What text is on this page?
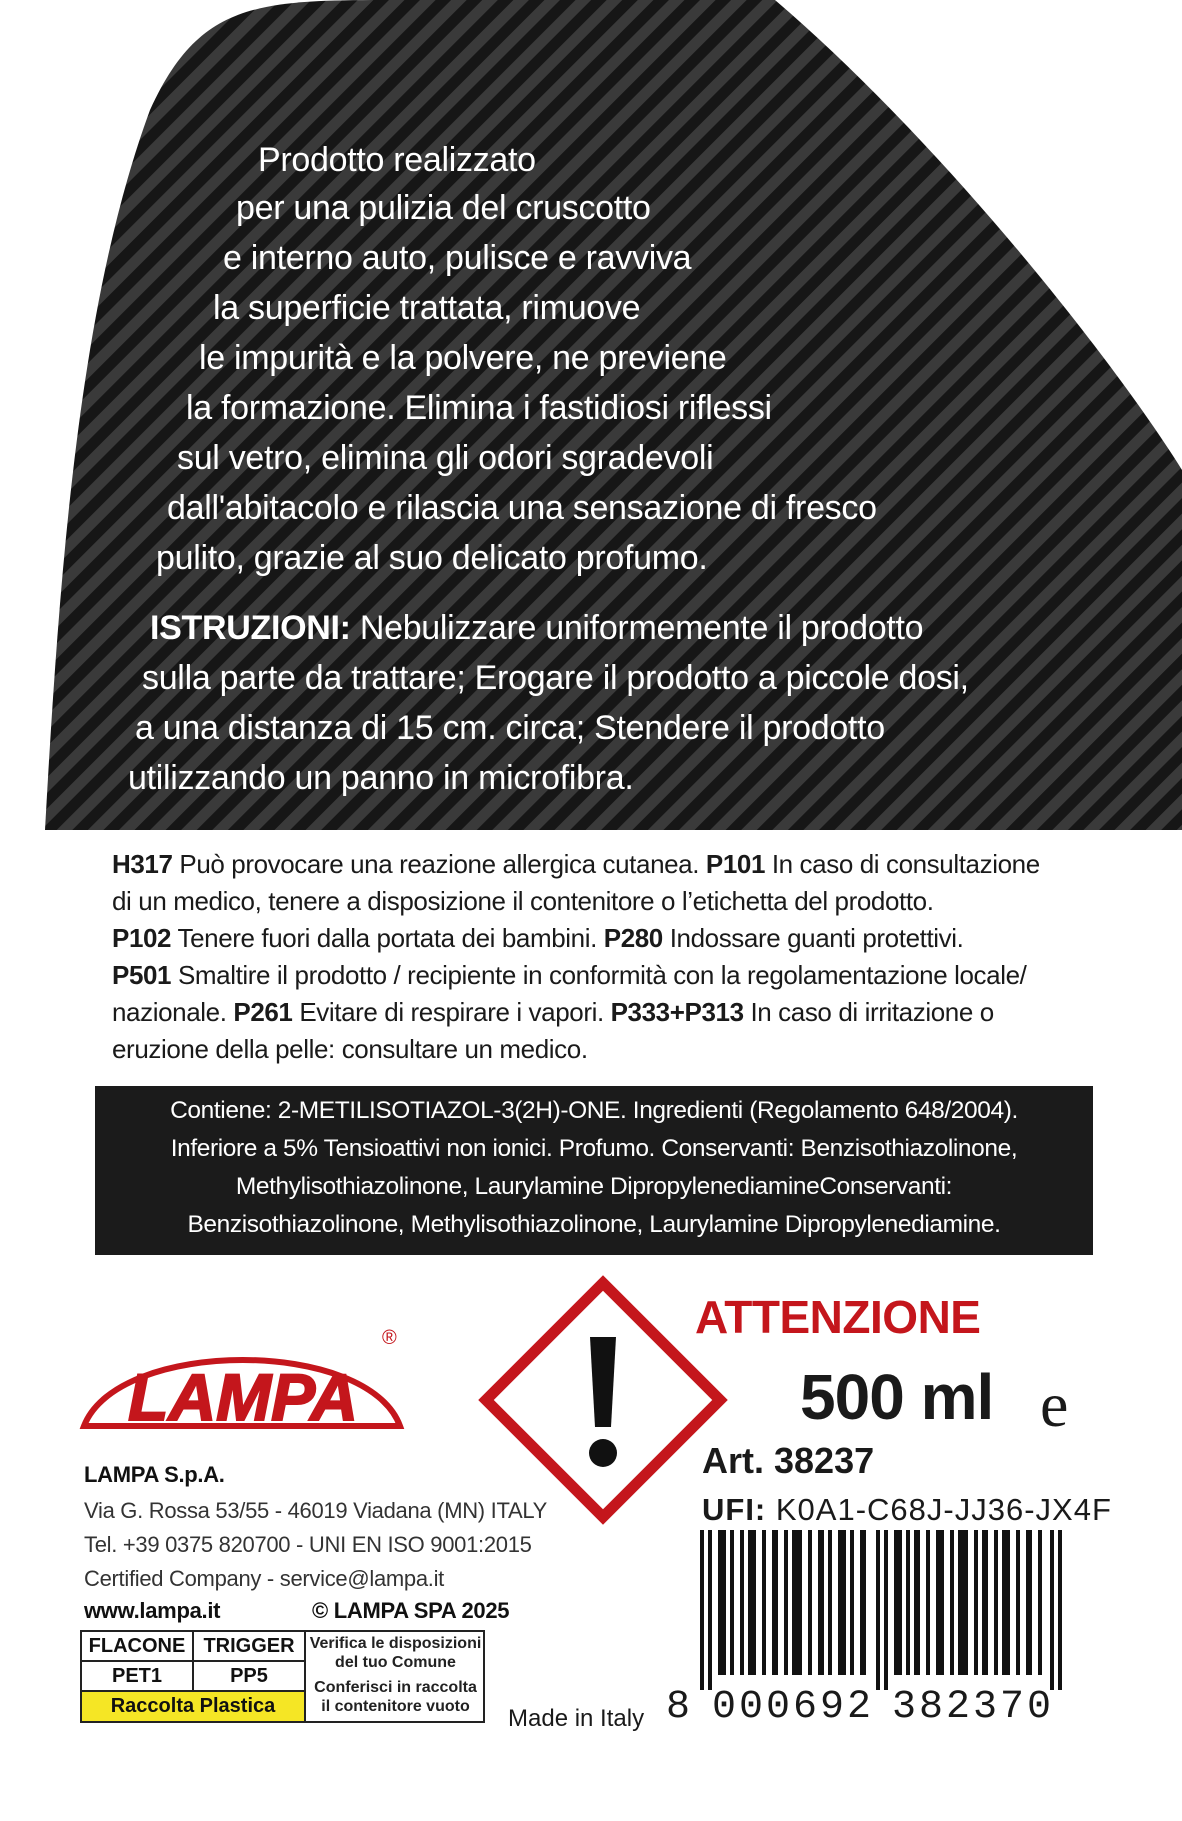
Prodotto realizzato
per una pulizia del cruscotto
e interno auto, pulisce e ravviva
la superficie trattata, rimuove
le impurità e la polvere, ne previene
la formazione. Elimina i fastidiosi riflessi
sul vetro, elimina gli odori sgradevoli
dall'abitacolo e rilascia una sensazione di fresco
pulito, grazie al suo delicato profumo.
ISTRUZIONI: Nebulizzare uniformemente il prodotto
sulla parte da trattare; Erogare il prodotto a piccole dosi,
a una distanza di 15 cm. circa; Stendere il prodotto
utilizzando un panno in microfibra.
H317 Può provocare una reazione allergica cutanea. P101 In caso di consultazione
di un medico, tenere a disposizione il contenitore o l’etichetta del prodotto.
P102 Tenere fuori dalla portata dei bambini. P280 Indossare guanti protettivi.
P501 Smaltire il prodotto / recipiente in conformità con la regolamentazione locale/
nazionale. P261 Evitare di respirare i vapori. P333+P313 In caso di irritazione o
eruzione della pelle: consultare un medico.
Contiene: 2-METILISOTIAZOL-3(2H)-ONE. Ingredienti (Regolamento 648/2004).
Inferiore a 5% Tensioattivi non ionici. Profumo. Conservanti: Benzisothiazolinone,
Methylisothiazolinone, Laurylamine DipropylenediamineConservanti:
Benzisothiazolinone, Methylisothiazolinone, Laurylamine Dipropylenediamine.
LAMPA
®	ATTENZIONE
500 ml e
Art. 38237
UFI: K0A1-C68J-JJ36-JX4F
LAMPA S.p.A.
Via G. Rossa 53/55 - 46019 Viadana (MN) ITALY
Tel. +39 0375 820700 - UNI EN ISO 9001:2015
Certified Company - service@lampa.it
www.lampa.it	© LAMPA SPA 2025
FLACONE TRIGGER
PET1	PP5
Raccolta Plastica
Verifica le disposizioni del tuo Comune
Conferisci in raccolta il contenitore vuoto	Made in Italy 8 000692 382370
